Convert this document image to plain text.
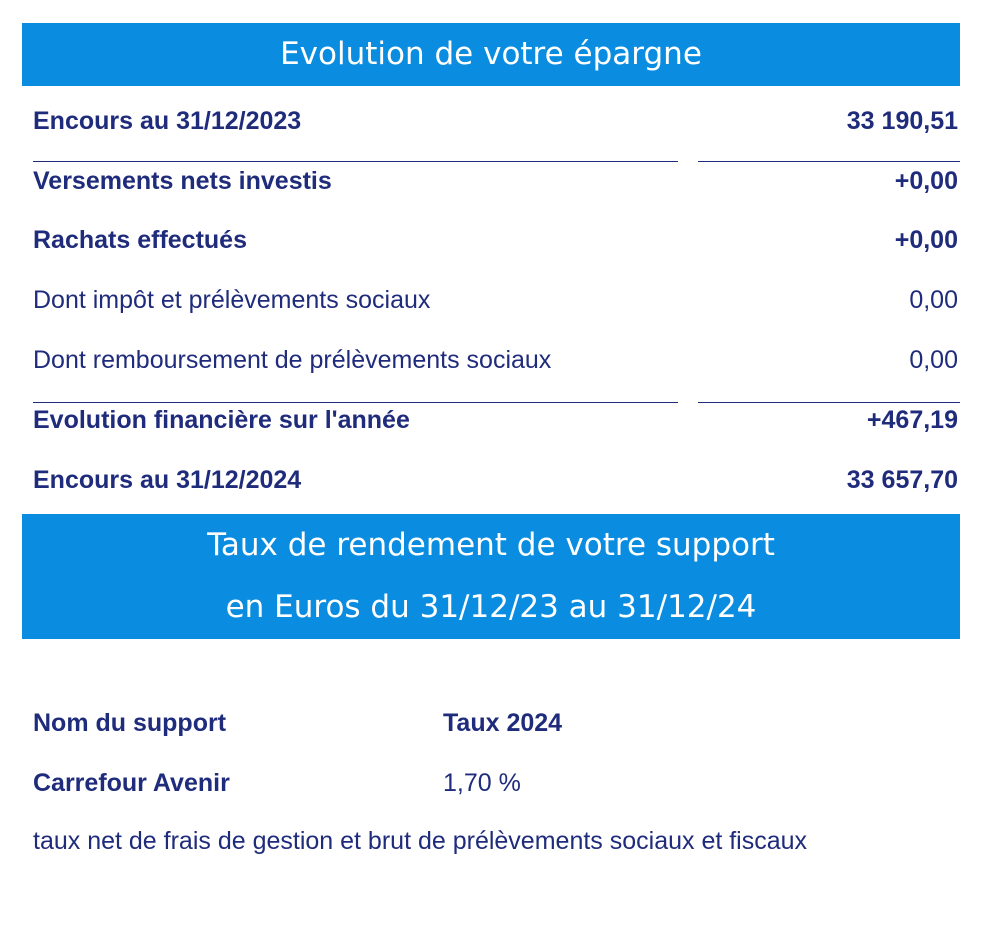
Evolution de votre épargne
Encours au 31/12/2023	33 190,51
Versements nets investis	+0,00
Rachats effectués	+0,00
Dont impôt et prélèvements sociaux	0,00
Dont remboursement de prélèvements sociaux	0,00
Evolution financière sur l'année	+467,19
Encours au 31/12/2024	33 657,70
Taux de rendement de votre support
en Euros du 31/12/23 au 31/12/24
Nom du support	Taux 2024
Carrefour Avenir	1,70 %
taux net de frais de gestion et brut de prélèvements sociaux et fiscaux
